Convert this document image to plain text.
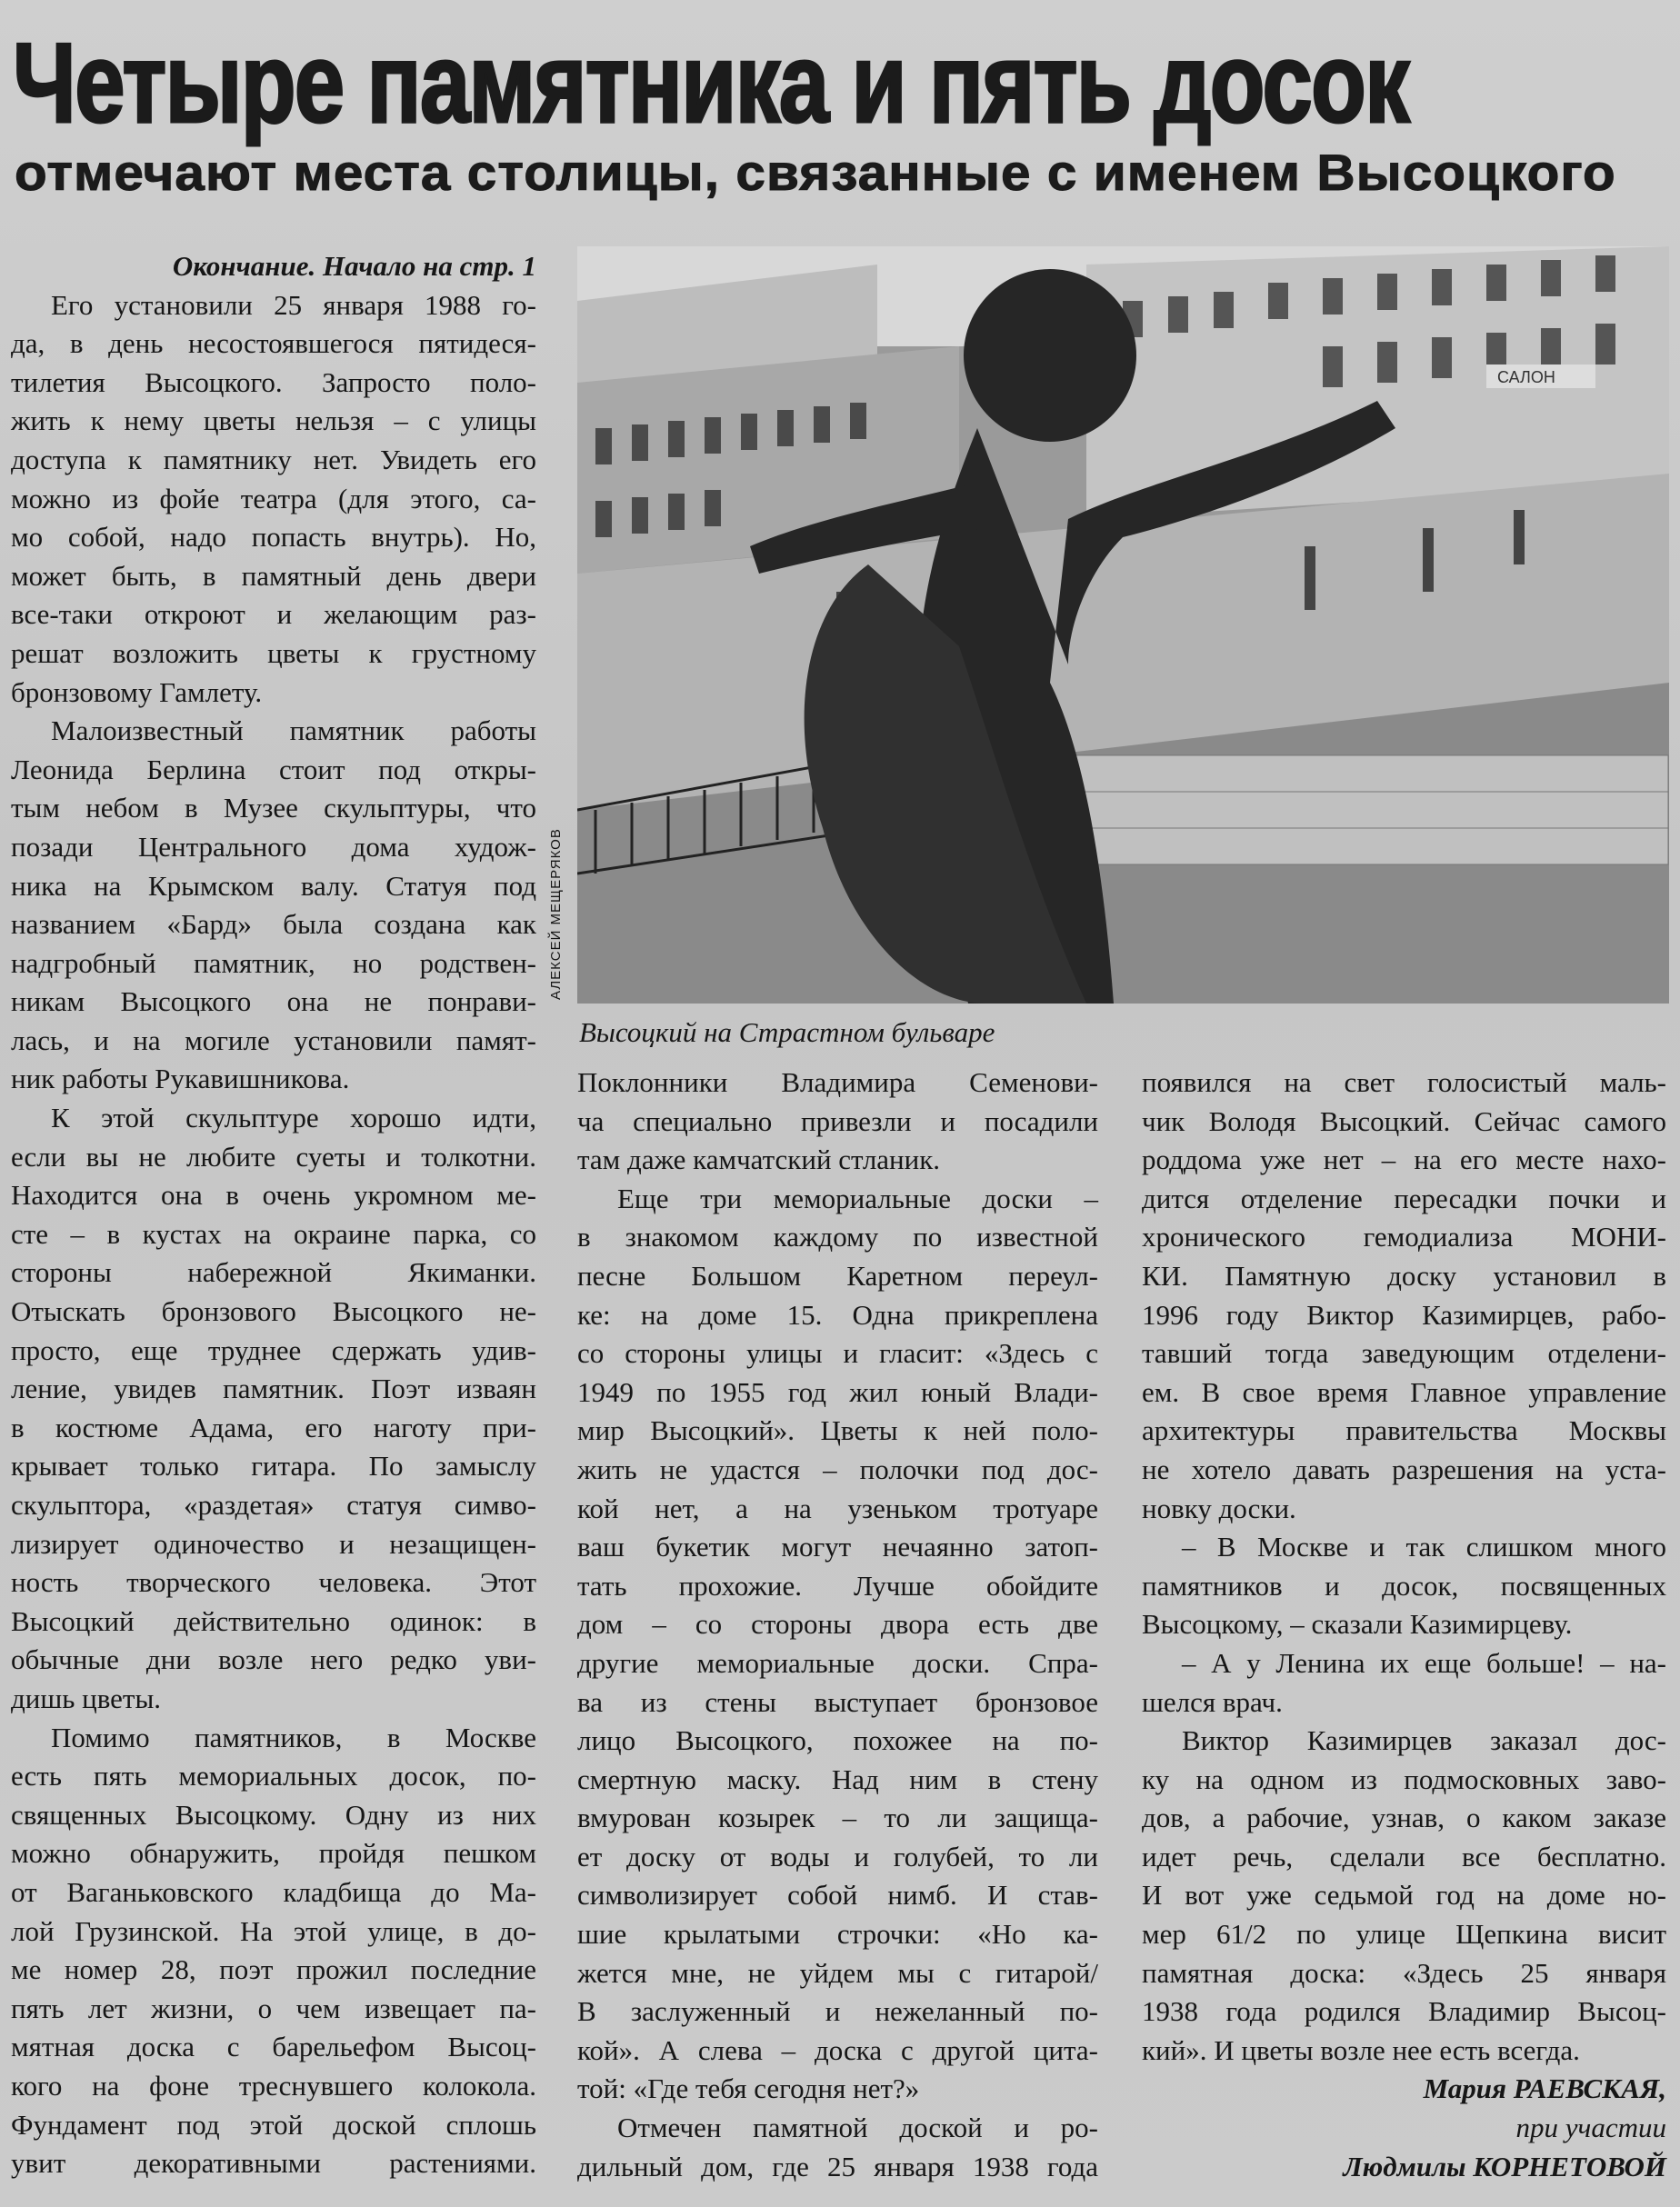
Четыре памятника и пять досок
отмечают места столицы, связанные с именем Высоцкого
САЛОН
АЛЕКСЕЙ МЕЩЕРЯКОВ
Высоцкий на Страстном бульваре
Окончание. Начало на стр. 1
Его установили 25 января 1988 го-
да, в день несостоявшегося пятидеся-
тилетия Высоцкого. Запросто поло-
жить к нему цветы нельзя – с улицы
доступа к памятнику нет. Увидеть его
можно из фойе театра (для этого, са-
мо собой, надо попасть внутрь). Но,
может быть, в памятный день двери
все-таки откроют и желающим раз-
решат возложить цветы к грустному
бронзовому Гамлету.
Малоизвестный памятник работы
Леонида Берлина стоит под откры-
тым небом в Музее скульптуры, что
позади Центрального дома худож-
ника на Крымском валу. Статуя под
названием «Бард» была создана как
надгробный памятник, но родствен-
никам Высоцкого она не понрави-
лась, и на могиле установили памят-
ник работы Рукавишникова.
К этой скульптуре хорошо идти,
если вы не любите суеты и толкотни.
Находится она в очень укромном ме-
сте – в кустах на окраине парка, со
стороны набережной Якиманки.
Отыскать бронзового Высоцкого не-
просто, еще труднее сдержать удив-
ление, увидев памятник. Поэт изваян
в костюме Адама, его наготу при-
крывает только гитара. По замыслу
скульптора, «раздетая» статуя симво-
лизирует одиночество и незащищен-
ность творческого человека. Этот
Высоцкий действительно одинок: в
обычные дни возле него редко уви-
дишь цветы.
Помимо памятников, в Москве
есть пять мемориальных досок, по-
священных Высоцкому. Одну из них
можно обнаружить, пройдя пешком
от Ваганьковского кладбища до Ма-
лой Грузинской. На этой улице, в до-
ме номер 28, поэт прожил последние
пять лет жизни, о чем извещает па-
мятная доска с барельефом Высоц-
кого на фоне треснувшего колокола.
Фундамент под этой доской сплошь
увит декоративными растениями.
Поклонники Владимира Семенови-
ча специально привезли и посадили
там даже камчатский стланик.
Еще три мемориальные доски –
в знакомом каждому по известной
песне Большом Каретном переул-
ке: на доме 15. Одна прикреплена
со стороны улицы и гласит: «Здесь с
1949 по 1955 год жил юный Влади-
мир Высоцкий». Цветы к ней поло-
жить не удастся – полочки под дос-
кой нет, а на узеньком тротуаре
ваш букетик могут нечаянно затоп-
тать прохожие. Лучше обойдите
дом – со стороны двора есть две
другие мемориальные доски. Спра-
ва из стены выступает бронзовое
лицо Высоцкого, похожее на по-
смертную маску. Над ним в стену
вмурован козырек – то ли защища-
ет доску от воды и голубей, то ли
символизирует собой нимб. И став-
шие крылатыми строчки: «Но ка-
жется мне, не уйдем мы с гитарой/
В заслуженный и нежеланный по-
кой». А слева – доска с другой цита-
той: «Где тебя сегодня нет?»
Отмечен памятной доской и ро-
дильный дом, где 25 января 1938 года
появился на свет голосистый маль-
чик Володя Высоцкий. Сейчас самого
роддома уже нет – на его месте нахо-
дится отделение пересадки почки и
хронического гемодиализа МОНИ-
КИ. Памятную доску установил в
1996 году Виктор Казимирцев, рабо-
тавший тогда заведующим отделени-
ем. В свое время Главное управление
архитектуры правительства Москвы
не хотело давать разрешения на уста-
новку доски.
– В Москве и так слишком много
памятников и досок, посвященных
Высоцкому, – сказали Казимирцеву.
– А у Ленина их еще больше! – на-
шелся врач.
Виктор Казимирцев заказал дос-
ку на одном из подмосковных заво-
дов, а рабочие, узнав, о каком заказе
идет речь, сделали все бесплатно.
И вот уже седьмой год на доме но-
мер 61/2 по улице Щепкина висит
памятная доска: «Здесь 25 января
1938 года родился Владимир Высоц-
кий». И цветы возле нее есть всегда.
Мария РАЕВСКАЯ,
при участии
Людмилы КОРНЕТОВОЙ
